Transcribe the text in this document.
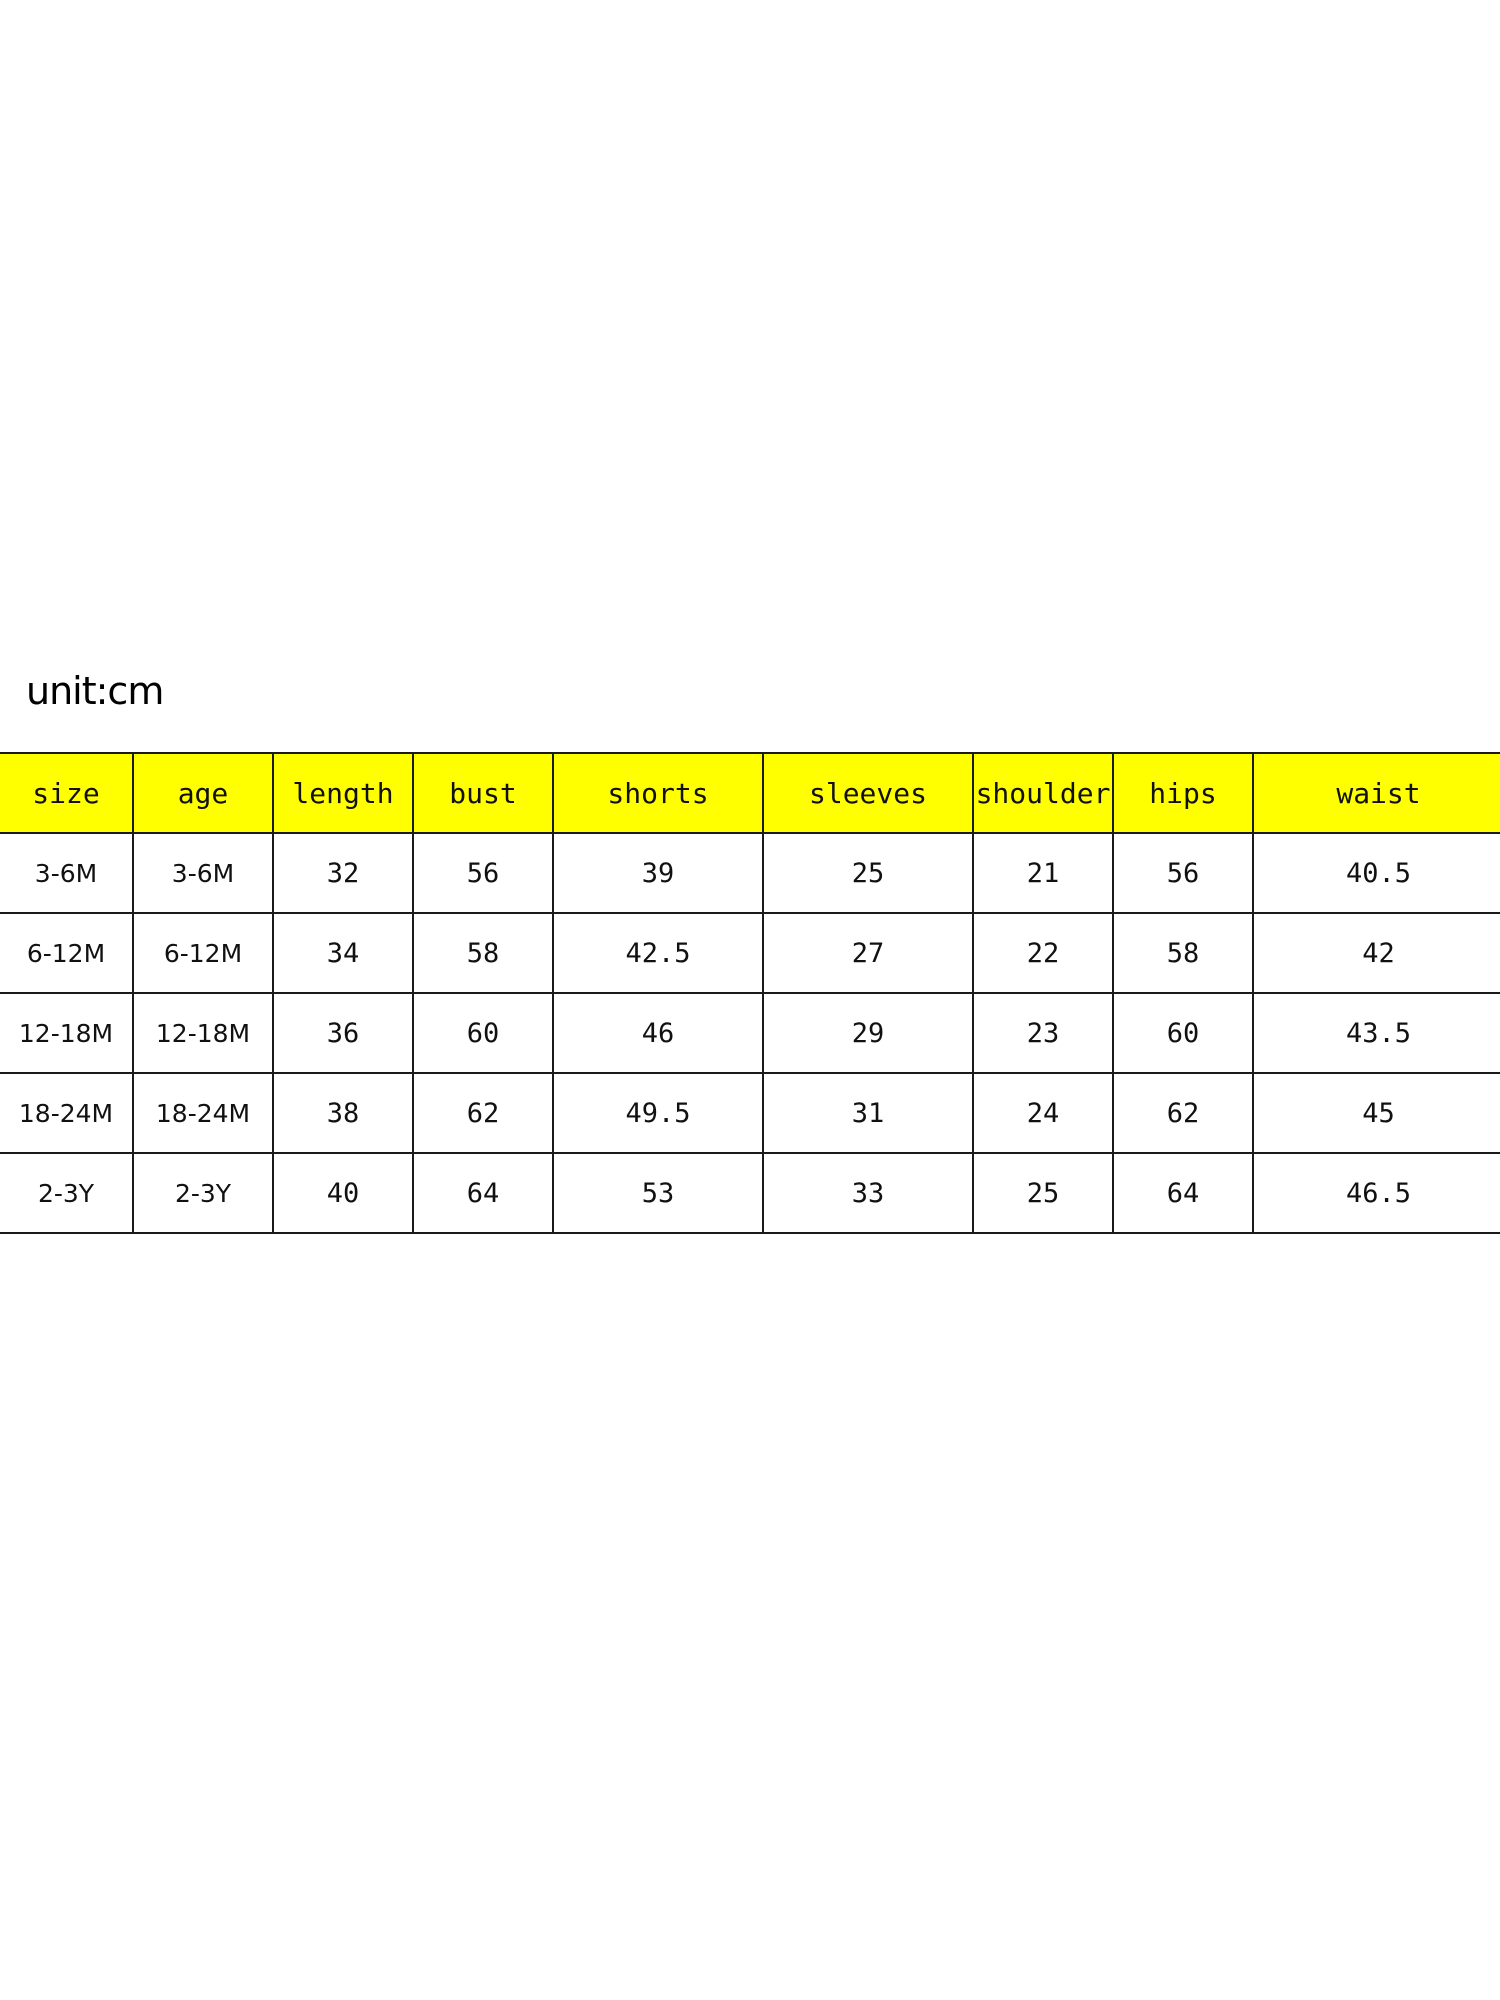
unit:cm
size	age	length	bust	shorts	sleeves	shoulder	hips	waist
3-6M	3-6M	32	56	39	25	21	56	40.5
6-12M	6-12M	34	58	42.5	27	22	58	42
12-18M	12-18M	36	60	46	29	23	60	43.5
18-24M	18-24M	38	62	49.5	31	24	62	45
2-3Y	2-3Y	40	64	53	33	25	64	46.5
